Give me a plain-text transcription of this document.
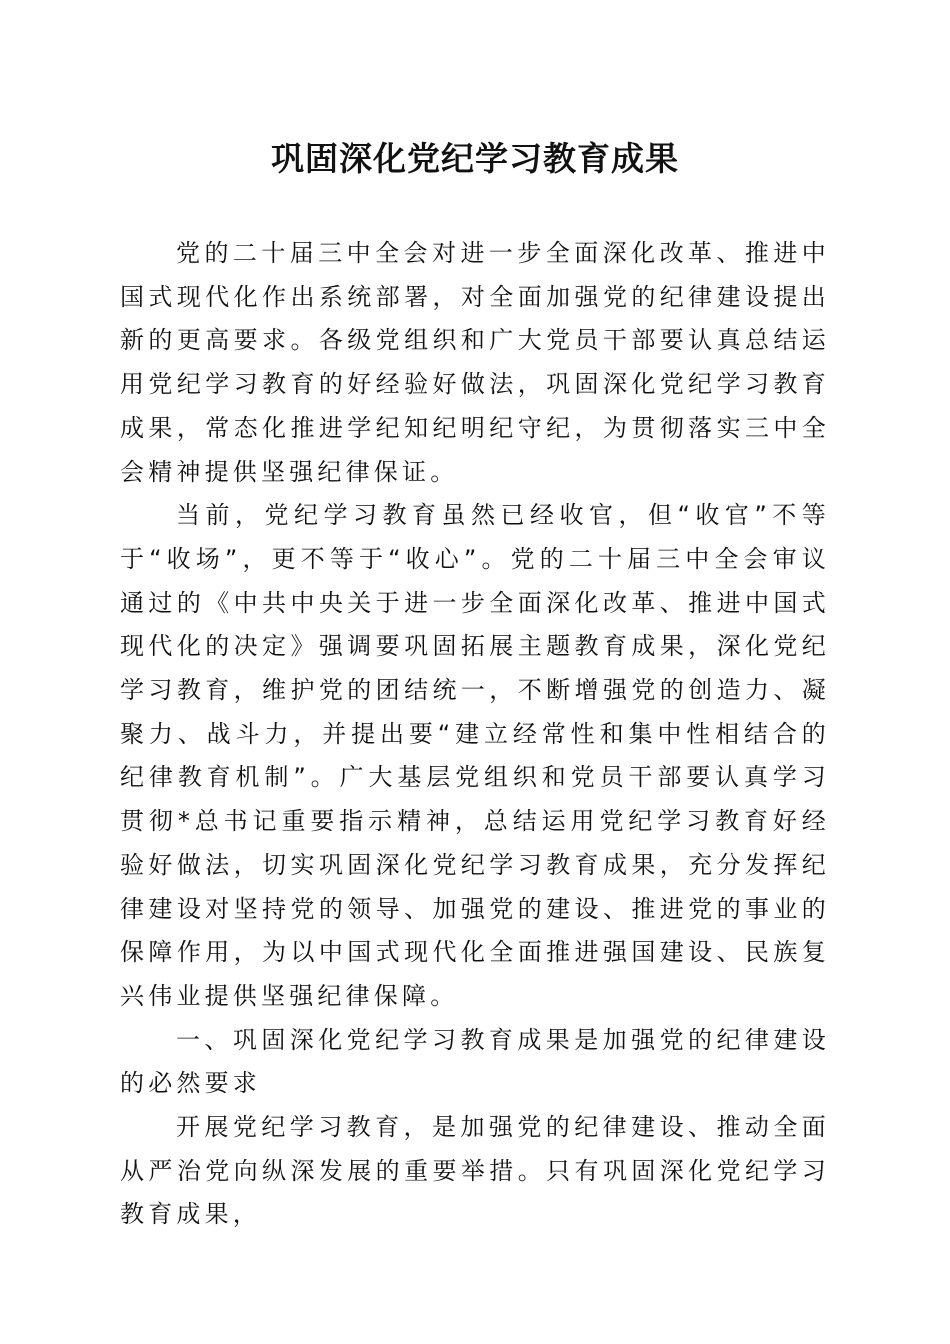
巩固深化党纪学习教育成果

党的二十届三中全会对进一步全面深化改革、推进中国式现代化作出系统部署，对全面加强党的纪律建设提出新的更高要求。各级党组织和广大党员干部要认真总结运用党纪学习教育的好经验好做法，巩固深化党纪学习教育成果，常态化推进学纪知纪明纪守纪，为贯彻落实三中全会精神提供坚强纪律保证。

当前，党纪学习教育虽然已经收官，但“收官”不等于“收场”，更不等于“收心”。党的二十届三中全会审议通过的《中共中央关于进一步全面深化改革、推进中国式现代化的决定》强调要巩固拓展主题教育成果，深化党纪学习教育，维护党的团结统一，不断增强党的创造力、凝聚力、战斗力，并提出要“建立经常性和集中性相结合的纪律教育机制”。广大基层党组织和党员干部要认真学习贯彻*总书记重要指示精神，总结运用党纪学习教育好经验好做法，切实巩固深化党纪学习教育成果，充分发挥纪律建设对坚持党的领导、加强党的建设、推进党的事业的保障作用，为以中国式现代化全面推进强国建设、民族复兴伟业提供坚强纪律保障。

一、巩固深化党纪学习教育成果是加强党的纪律建设的必然要求

开展党纪学习教育，是加强党的纪律建设、推动全面从严治党向纵深发展的重要举措。只有巩固深化党纪学习教育成果，
